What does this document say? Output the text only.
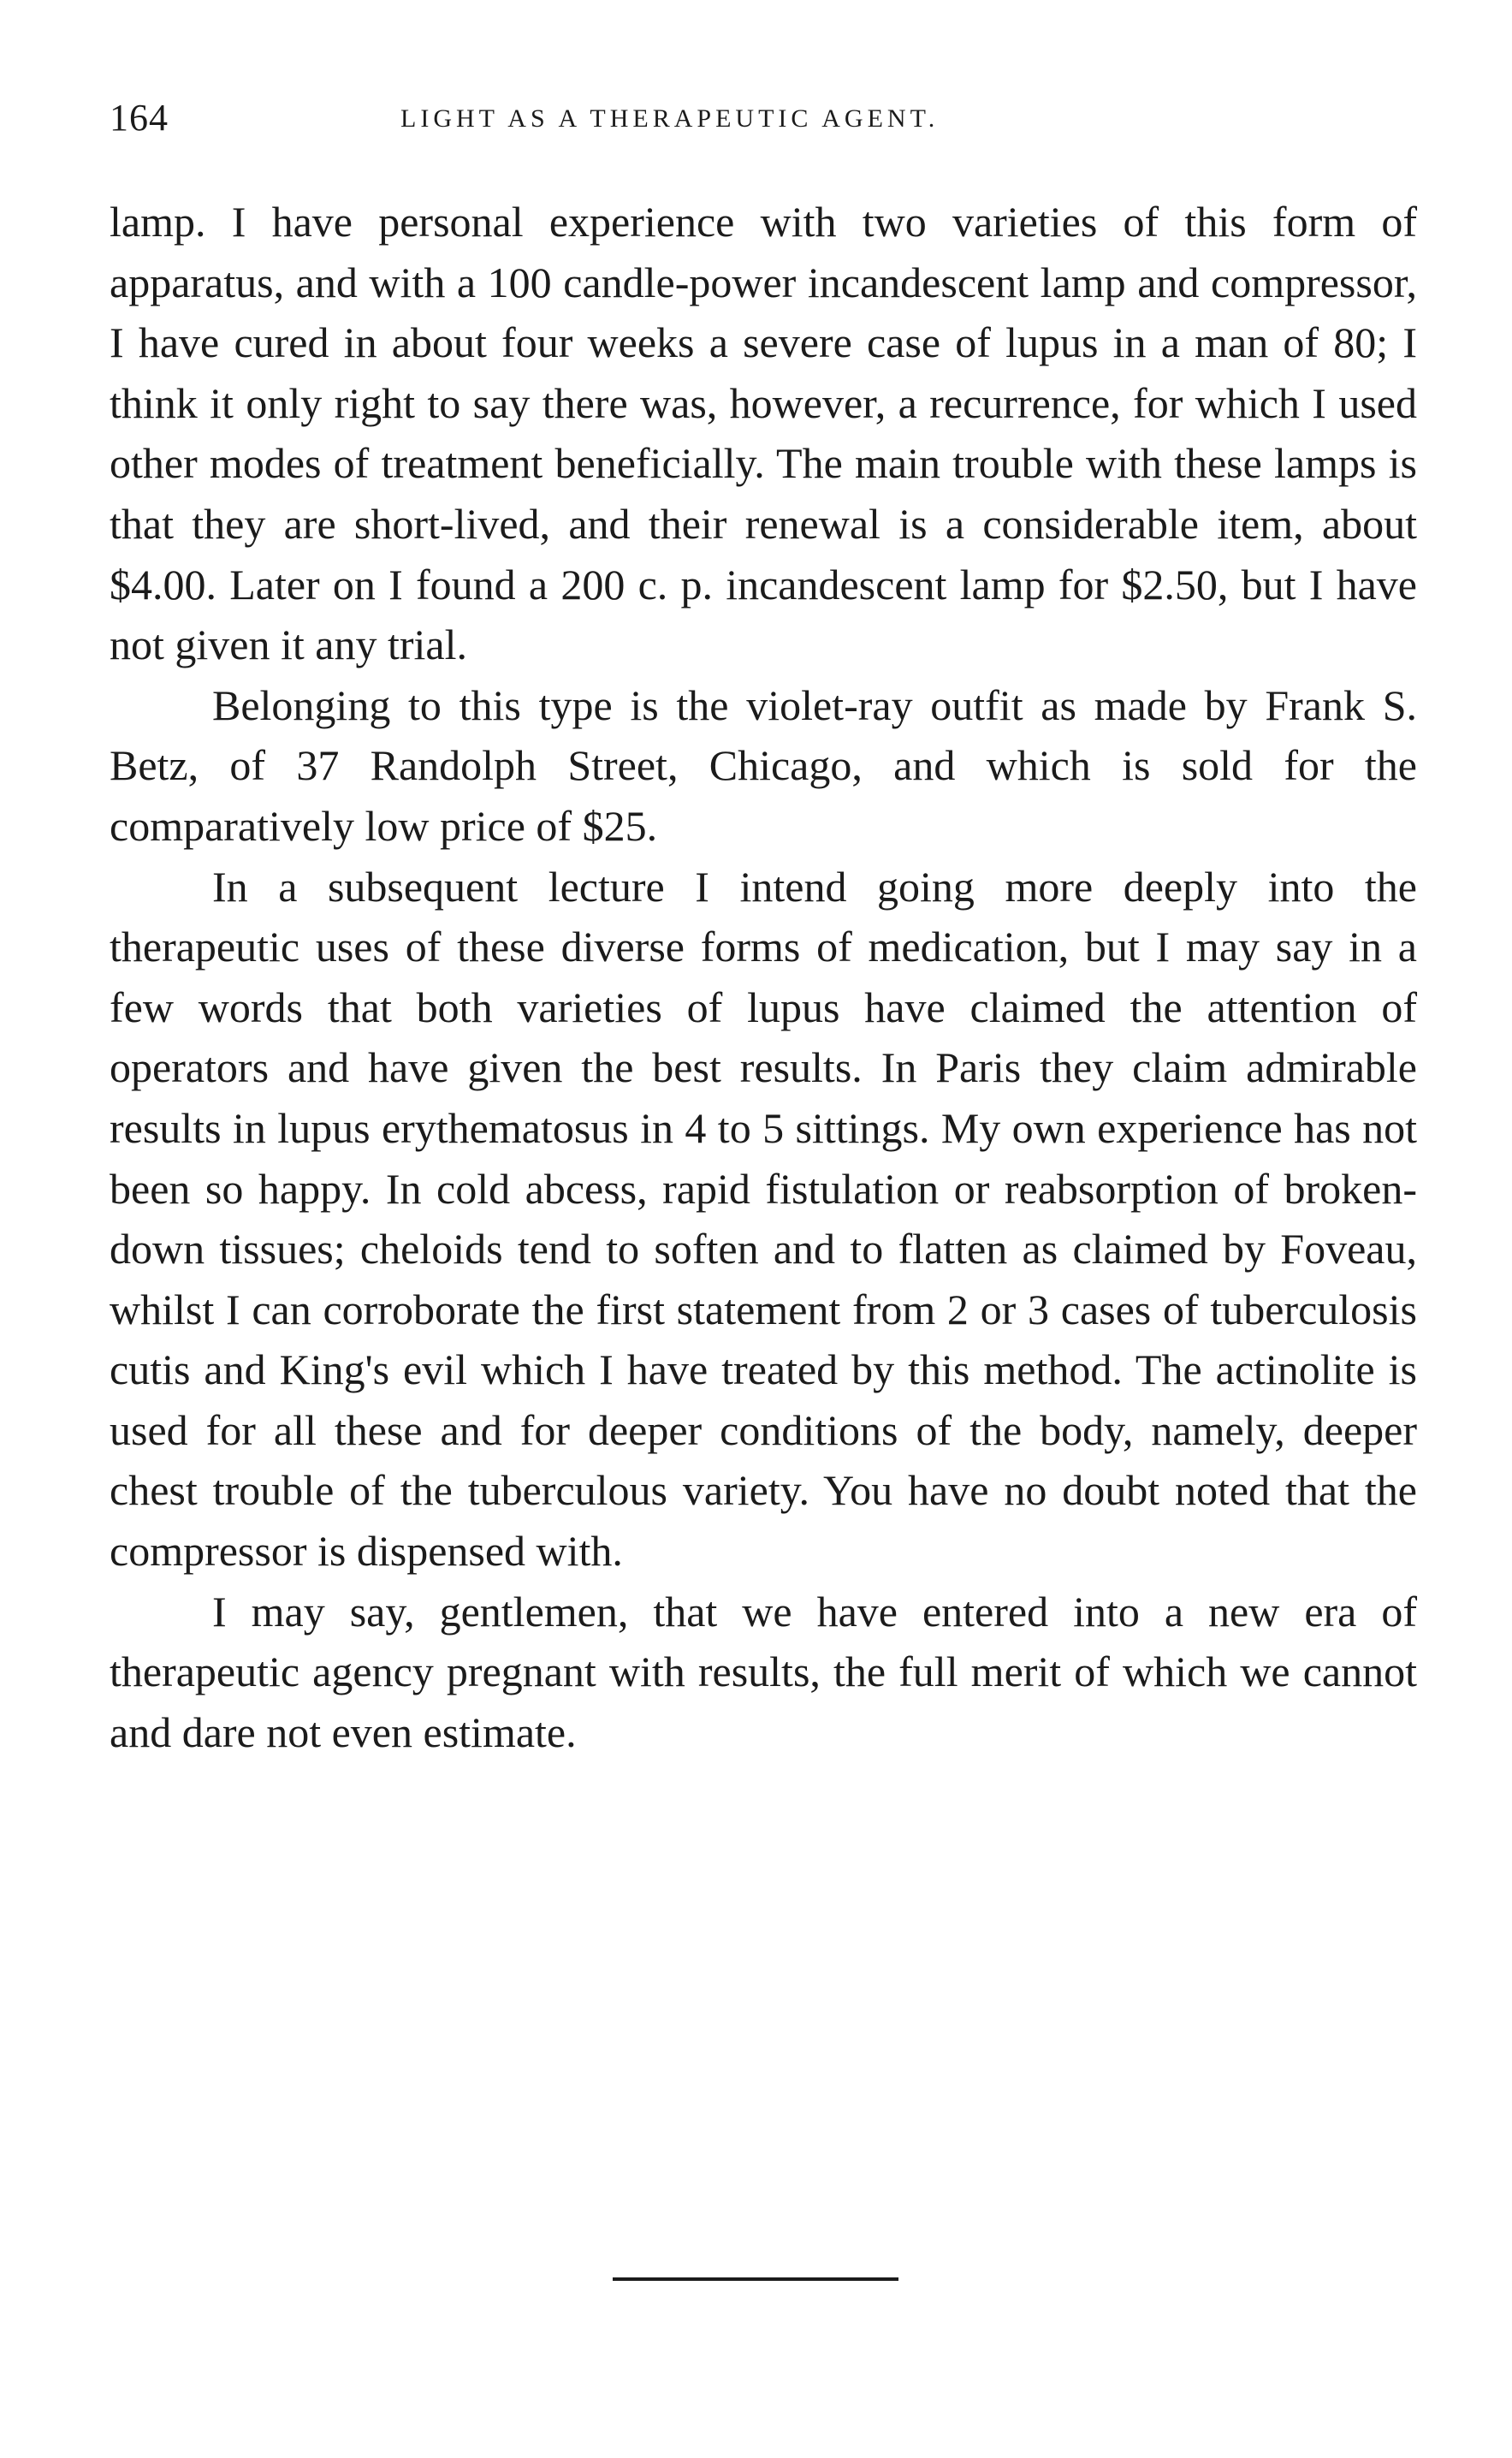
164	LIGHT AS A THERAPEUTIC AGENT.

lamp. I have personal experience with two varieties of this form of apparatus, and with a 100 candle-power incandescent lamp and compressor, I have cured in about four weeks a severe case of lupus in a man of 80; I think it only right to say there was, however, a recurrence, for which I used other modes of treatment beneficially. The main trouble with these lamps is that they are short-lived, and their renewal is a considerable item, about $4.00. Later on I found a 200 c. p. incandescent lamp for $2.50, but I have not given it any trial.

Belonging to this type is the violet-ray outfit as made by Frank S. Betz, of 37 Randolph Street, Chicago, and which is sold for the comparatively low price of $25.

In a subsequent lecture I intend going more deeply into the therapeutic uses of these diverse forms of medication, but I may say in a few words that both varieties of lupus have claimed the attention of operators and have given the best results. In Paris they claim admirable results in lupus erythematosus in 4 to 5 sittings. My own experience has not been so happy. In cold abcess, rapid fistulation or reabsorption of broken-down tissues; cheloids tend to soften and to flatten as claimed by Foveau, whilst I can corroborate the first statement from 2 or 3 cases of tuberculosis cutis and King's evil which I have treated by this method. The actinolite is used for all these and for deeper conditions of the body, namely, deeper chest trouble of the tuberculous variety. You have no doubt noted that the compressor is dispensed with.

I may say, gentlemen, that we have entered into a new era of therapeutic agency pregnant with results, the full merit of which we cannot and dare not even estimate.
